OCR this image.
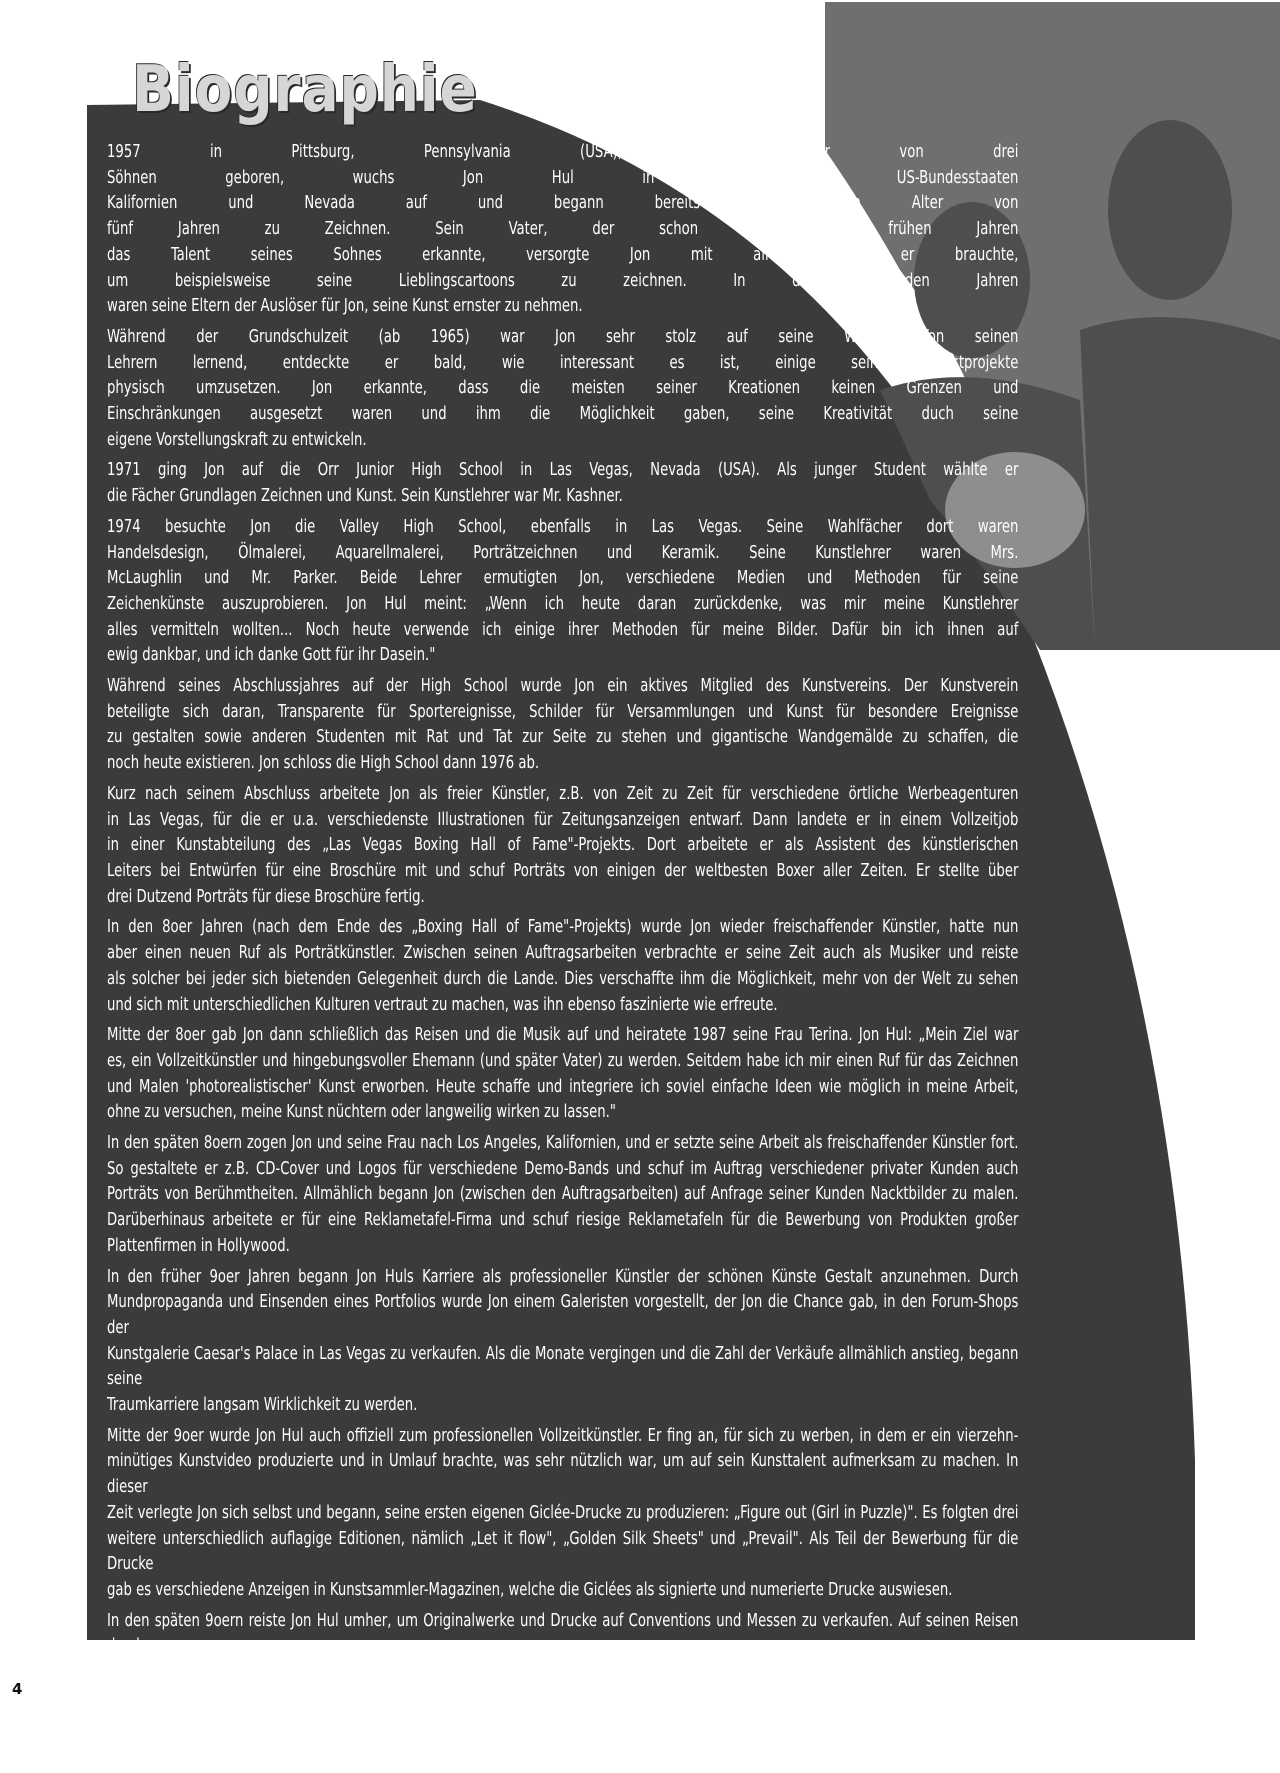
Biographie

1957 in Pittsburg, Pennsylvania (USA), als ältester von drei
Söhnen geboren, wuchs Jon Hul in in den US-Bundesstaaten
Kalifornien und Nevada auf und begann bereits im zarten Alter von
fünf Jahren zu Zeichnen. Sein Vater, der schon in diesen frühen Jahren
das Talent seines Sohnes erkannte, versorgte Jon mit allem, was er brauchte,
um beispielsweise seine Lieblingscartoons zu zeichnen. In den folgenden Jahren
waren seine Eltern der Auslöser für Jon, seine Kunst ernster zu nehmen.

Während der Grundschulzeit (ab 1965) war Jon sehr stolz auf seine Werke. Von seinen
Lehrern lernend, entdeckte er bald, wie interessant es ist, einige seiner Kunstprojekte
physisch umzusetzen. Jon erkannte, dass die meisten seiner Kreationen keinen Grenzen und
Einschränkungen ausgesetzt waren und ihm die Möglichkeit gaben, seine Kreativität duch seine
eigene Vorstellungskraft zu entwickeln.

1971 ging Jon auf die Orr Junior High School in Las Vegas, Nevada (USA). Als junger Student wählte er
die Fächer Grundlagen Zeichnen und Kunst. Sein Kunstlehrer war Mr. Kashner.

1974 besuchte Jon die Valley High School, ebenfalls in Las Vegas. Seine Wahlfächer dort waren
Handelsdesign, Ölmalerei, Aquarellmalerei, Porträtzeichnen und Keramik. Seine Kunstlehrer waren Mrs.
McLaughlin und Mr. Parker. Beide Lehrer ermutigten Jon, verschiedene Medien und Methoden für seine
Zeichenkünste auszuprobieren. Jon Hul meint: „Wenn ich heute daran zurückdenke, was mir meine Kunstlehrer
alles vermitteln wollten... Noch heute verwende ich einige ihrer Methoden für meine Bilder. Dafür bin ich ihnen auf
ewig dankbar, und ich danke Gott für ihr Dasein."

Während seines Abschlussjahres auf der High School wurde Jon ein aktives Mitglied des Kunstvereins. Der Kunstverein
beteiligte sich daran, Transparente für Sportereignisse, Schilder für Versammlungen und Kunst für besondere Ereignisse
zu gestalten sowie anderen Studenten mit Rat und Tat zur Seite zu stehen und gigantische Wandgemälde zu schaffen, die
noch heute existieren. Jon schloss die High School dann 1976 ab.

Kurz nach seinem Abschluss arbeitete Jon als freier Künstler, z.B. von Zeit zu Zeit für verschiedene örtliche Werbeagenturen
in Las Vegas, für die er u.a. verschiedenste Illustrationen für Zeitungsanzeigen entwarf. Dann landete er in einem Vollzeitjob
in einer Kunstabteilung des „Las Vegas Boxing Hall of Fame"-Projekts. Dort arbeitete er als Assistent des künstlerischen
Leiters bei Entwürfen für eine Broschüre mit und schuf Porträts von einigen der weltbesten Boxer aller Zeiten. Er stellte über
drei Dutzend Porträts für diese Broschüre fertig.

In den 8oer Jahren (nach dem Ende des „Boxing Hall of Fame"-Projekts) wurde Jon wieder freischaffender Künstler, hatte nun
aber einen neuen Ruf als Porträtkünstler. Zwischen seinen Auftragsarbeiten verbrachte er seine Zeit auch als Musiker und reiste
als solcher bei jeder sich bietenden Gelegenheit durch die Lande. Dies verschaffte ihm die Möglichkeit, mehr von der Welt zu sehen
und sich mit unterschiedlichen Kulturen vertraut zu machen, was ihn ebenso faszinierte wie erfreute.

Mitte der 8oer gab Jon dann schließlich das Reisen und die Musik auf und heiratete 1987 seine Frau Terina. Jon Hul: „Mein Ziel war
es, ein Vollzeitkünstler und hingebungsvoller Ehemann (und später Vater) zu werden. Seitdem habe ich mir einen Ruf für das Zeichnen
und Malen 'photorealistischer' Kunst erworben. Heute schaffe und integriere ich soviel einfache Ideen wie möglich in meine Arbeit,
ohne zu versuchen, meine Kunst nüchtern oder langweilig wirken zu lassen."

In den späten 8oern zogen Jon und seine Frau nach Los Angeles, Kalifornien, und er setzte seine Arbeit als freischaffender Künstler fort.
So gestaltete er z.B. CD-Cover und Logos für verschiedene Demo-Bands und schuf im Auftrag verschiedener privater Kunden auch
Porträts von Berühmtheiten. Allmählich begann Jon (zwischen den Auftragsarbeiten) auf Anfrage seiner Kunden Nacktbilder zu malen.
Darüberhinaus arbeitete er für eine Reklametafel-Firma und schuf riesige Reklametafeln für die Bewerbung von Produkten großer
Plattenfirmen in Hollywood.

In den früher 9oer Jahren begann Jon Huls Karriere als professioneller Künstler der schönen Künste Gestalt anzunehmen. Durch
Mundpropaganda und Einsenden eines Portfolios wurde Jon einem Galeristen vorgestellt, der Jon die Chance gab, in den Forum-Shops der
Kunstgalerie Caesar's Palace in Las Vegas zu verkaufen. Als die Monate vergingen und die Zahl der Verkäufe allmählich anstieg, begann seine
Traumkarriere langsam Wirklichkeit zu werden.

Mitte der 9oer wurde Jon Hul auch offiziell zum professionellen Vollzeitkünstler. Er fing an, für sich zu werben, in dem er ein vierzehn-
minütiges Kunstvideo produzierte und in Umlauf brachte, was sehr nützlich war, um auf sein Kunsttalent aufmerksam zu machen. In dieser
Zeit verlegte Jon sich selbst und begann, seine ersten eigenen Giclée-Drucke zu produzieren: „Figure out (Girl in Puzzle)". Es folgten drei
weitere unterschiedlich auflagige Editionen, nämlich „Let it flow", „Golden Silk Sheets" und „Prevail". Als Teil der Bewerbung für die Drucke
gab es verschiedene Anzeigen in Kunstsammler-Magazinen, welche die Giclées als signierte und numerierte Drucke auswiesen.

In den späten 9oern reiste Jon Hul umher, um Originalwerke und Drucke auf Conventions und Messen zu verkaufen. Auf seinen Reisen durch
die USA kam er u.a. durch Reno (Nevada), Chicago (Illinois), Portland (Oregon), Los Angeles (Kalifornien) und zurück nach Las Vegas.

Von Februar 2ooo an bis heute verkauft der von Robert Bane entdeckte Künstler Jon Hul seine erotische Kunst über die Tamara Bane Gallery
in Los Angeles. Außerdem verlegt nun diese Galerie seine Werke als limitierte Drucke über Robert Bane Editions Ltd.

4
